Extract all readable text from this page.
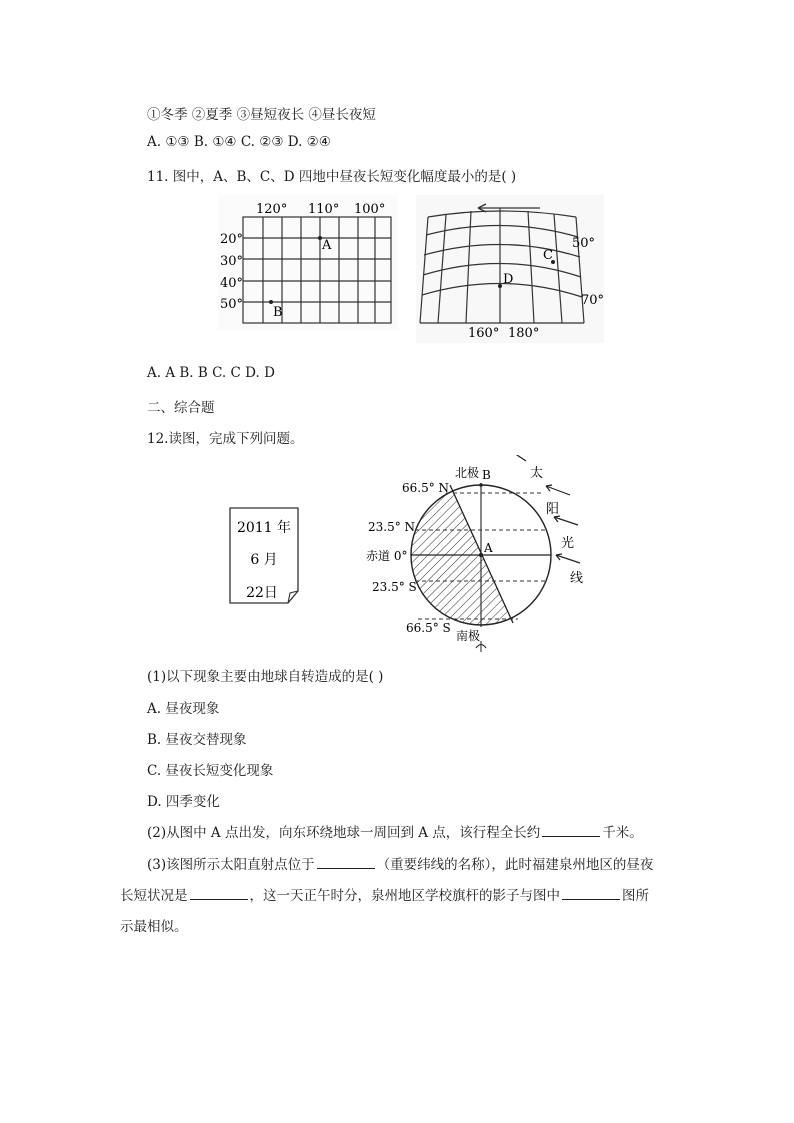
①冬季 ②夏季 ③昼短夜长 ④昼长夜短
A. ①③ B. ①④ C. ②③ D. ②④
11. 图中，A、B、C、D 四地中昼夜长短变化幅度最小的是( )
120° 110° 100°
20°
30°
40°
50°
A
B
C
D
50°
70°
160° 180°
A. A B. B C. C D. D
二、综合题
12.读图，完成下列问题。
2011 年
6 月
22日
北极 B
A
66.5° N
23.5° N
赤道 0°
23.5° S
66.5° S
南极
太
阳
光
线
(1)以下现象主要由地球自转造成的是( )
A. 昼夜现象
B. 昼夜交替现象
C. 昼夜长短变化现象
D. 四季变化
(2)从图中 A 点出发，向东环绕地球一周回到 A 点，该行程全长约	千米。
(3)该图所示太阳直射点位于	（重要纬线的名称），此时福建泉州地区的昼夜
长短状况是	，这一天正午时分，泉州地区学校旗杆的影子与图中	图所
示最相似。
